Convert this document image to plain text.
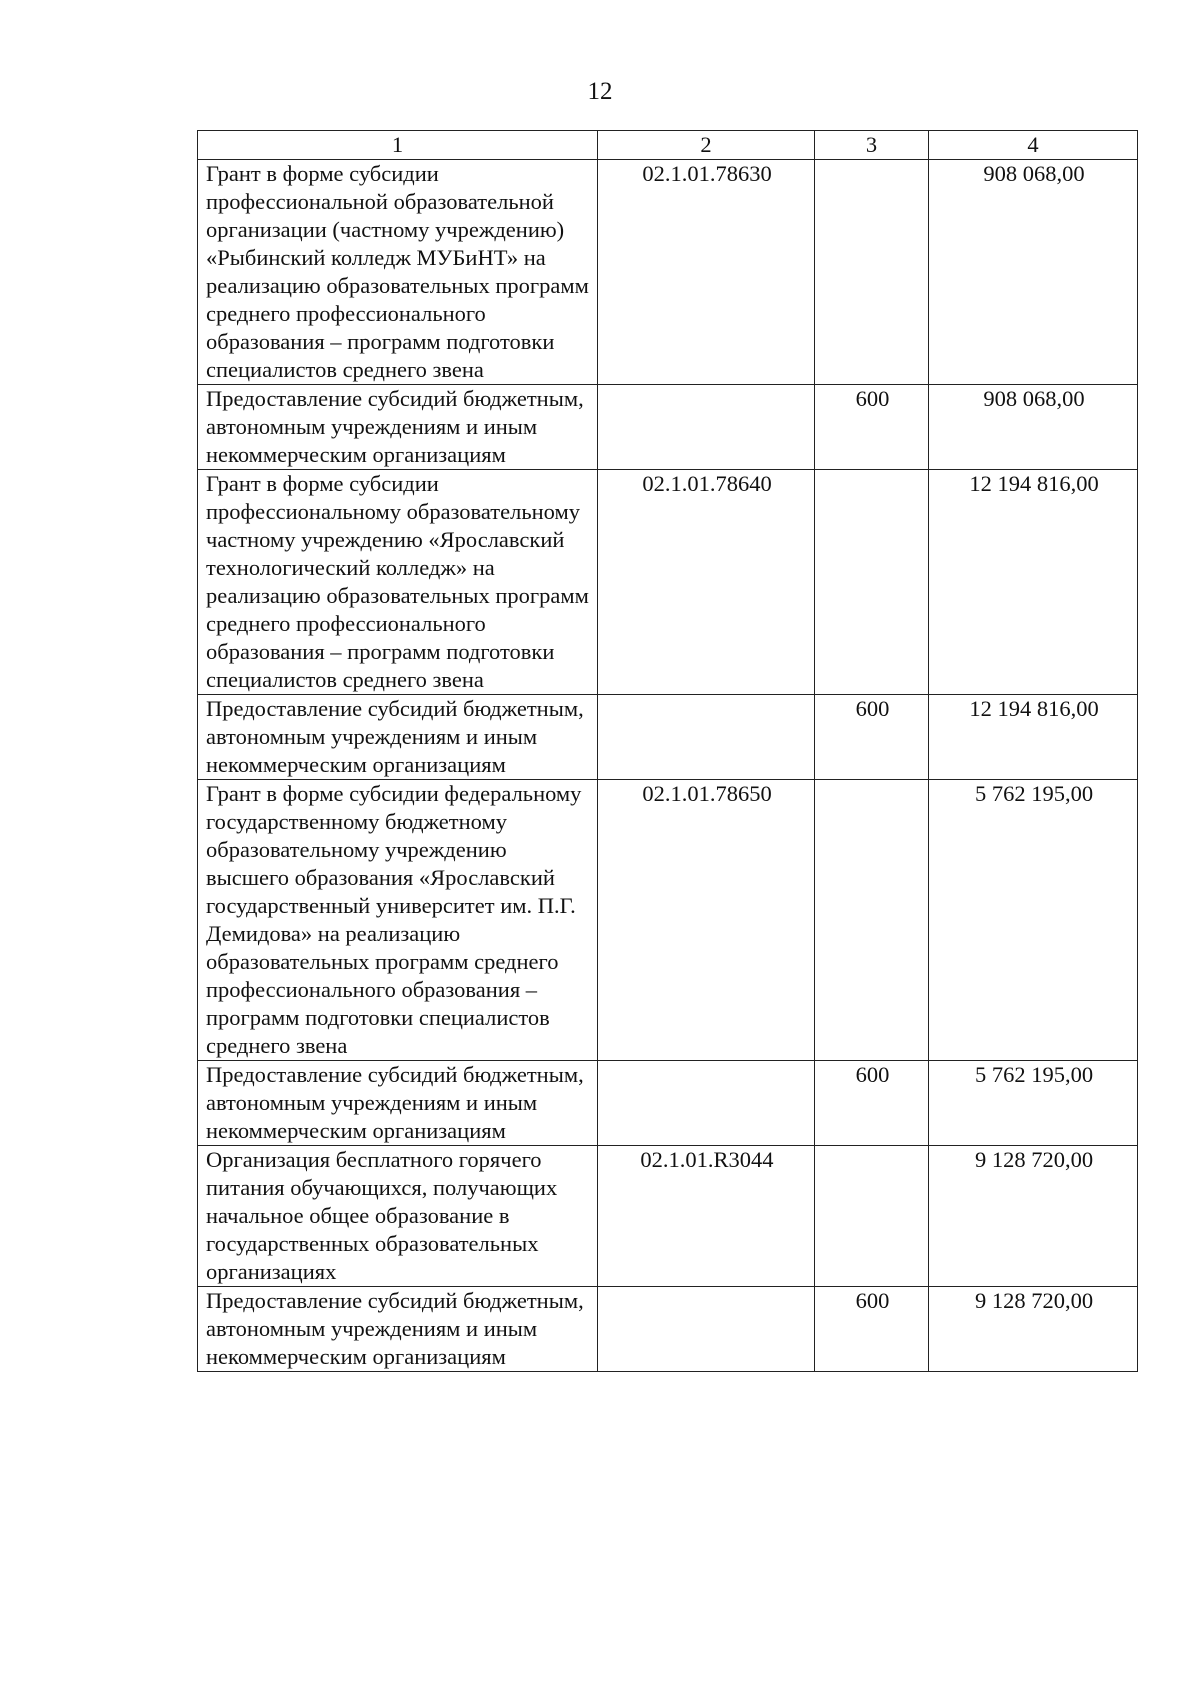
12
1	2	3	4
Грант в форме субсидии профессиональной образовательной организации (частному учреждению) «Рыбинский колледж МУБиНТ» на реализацию образовательных программ среднего профессионального образования – программ подготовки специалистов среднего звена	02.1.01.78630		908 068,00
Предоставление субсидий бюджетным, автономным учреждениям и иным некоммерческим организациям		600	908 068,00
Грант в форме субсидии профессиональному образовательному частному учреждению «Ярославский технологический колледж» на реализацию образовательных программ среднего профессионального образования – программ подготовки специалистов среднего звена	02.1.01.78640		12 194 816,00
Предоставление субсидий бюджетным, автономным учреждениям и иным некоммерческим организациям		600	12 194 816,00
Грант в форме субсидии федеральному государственному бюджетному образовательному учреждению высшего образования «Ярославский государственный университет им. П.Г. Демидова» на реализацию образовательных программ среднего профессионального образования – программ подготовки специалистов среднего звена	02.1.01.78650		5 762 195,00
Предоставление субсидий бюджетным, автономным учреждениям и иным некоммерческим организациям		600	5 762 195,00
Организация бесплатного горячего питания обучающихся, получающих начальное общее образование в государственных образовательных организациях	02.1.01.R3044		9 128 720,00
Предоставление субсидий бюджетным, автономным учреждениям и иным некоммерческим организациям		600	9 128 720,00
